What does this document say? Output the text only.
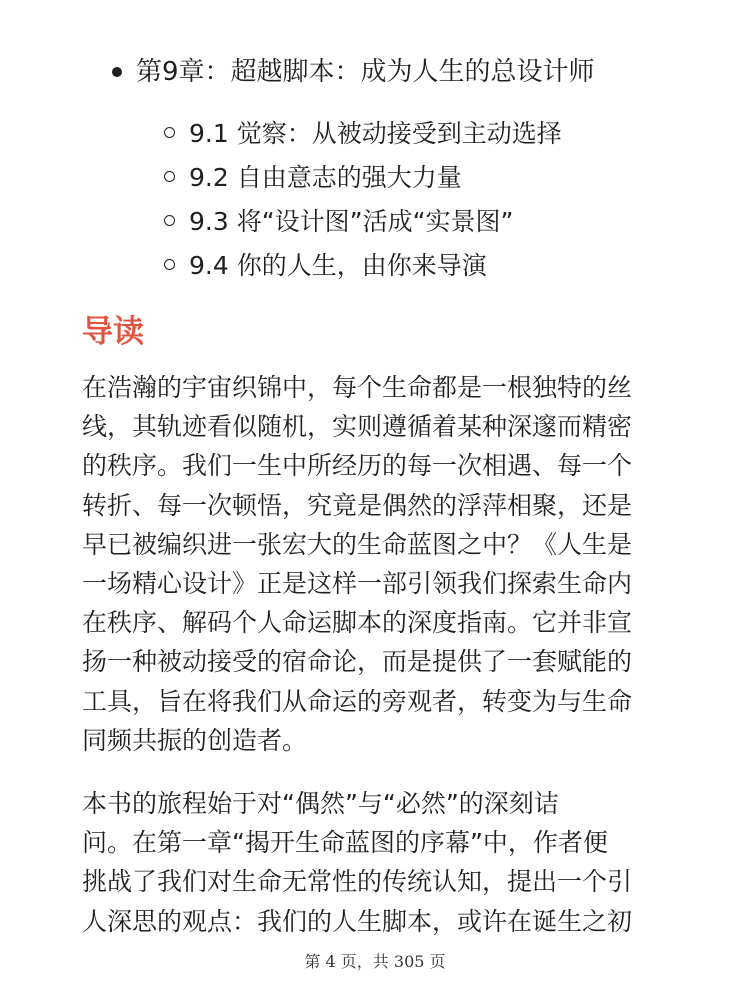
第9章：超越脚本：成为人生的总设计师
9.1 觉察：从被动接受到主动选择
9.2 自由意志的强大力量
9.3 将“设计图”活成“实景图”
9.4 你的人生，由你来导演
导读

在浩瀚的宇宙织锦中，每个生命都是一根独特的丝
线，其轨迹看似随机，实则遵循着某种深邃而精密
的秩序。我们一生中所经历的每一次相遇、每一个
转折、每一次顿悟，究竟是偶然的浮萍相聚，还是
早已被编织进一张宏大的生命蓝图之中？《人生是
一场精心设计》正是这样一部引领我们探索生命内
在秩序、解码个人命运脚本的深度指南。它并非宣
扬一种被动接受的宿命论，而是提供了一套赋能的
工具，旨在将我们从命运的旁观者，转变为与生命
同频共振的创造者。

本书的旅程始于对“偶然”与“必然”的深刻诘
问。在第一章“揭开生命蓝图的序幕”中，作者便
挑战了我们对生命无常性的传统认知，提出一个引
人深思的观点：我们的人生脚本，或许在诞生之初

第 4 页，共 305 页
